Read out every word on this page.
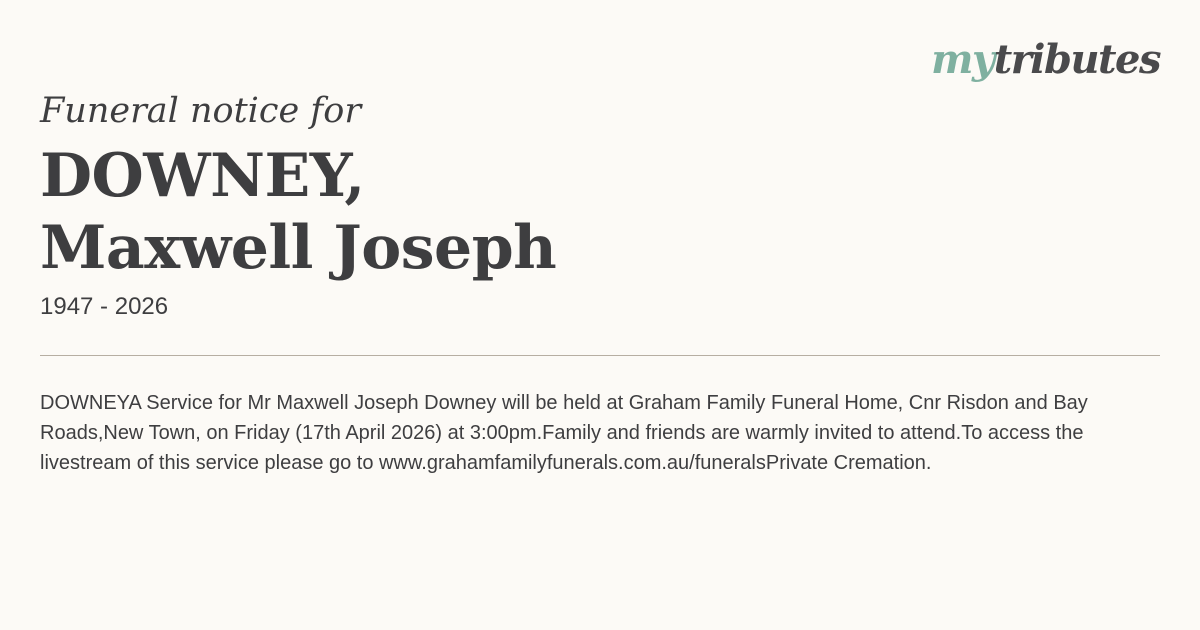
mytributes
Funeral notice for
DOWNEY,
Maxwell Joseph
1947 - 2026

DOWNEYA Service for Mr Maxwell Joseph Downey will be held at Graham Family Funeral Home, Cnr Risdon and Bay Roads,New Town, on Friday (17th April 2026) at 3:00pm.Family and friends are warmly invited to attend.To access the livestream of this service please go to www.grahamfamilyfunerals.com.au/funeralsPrivate Cremation.
